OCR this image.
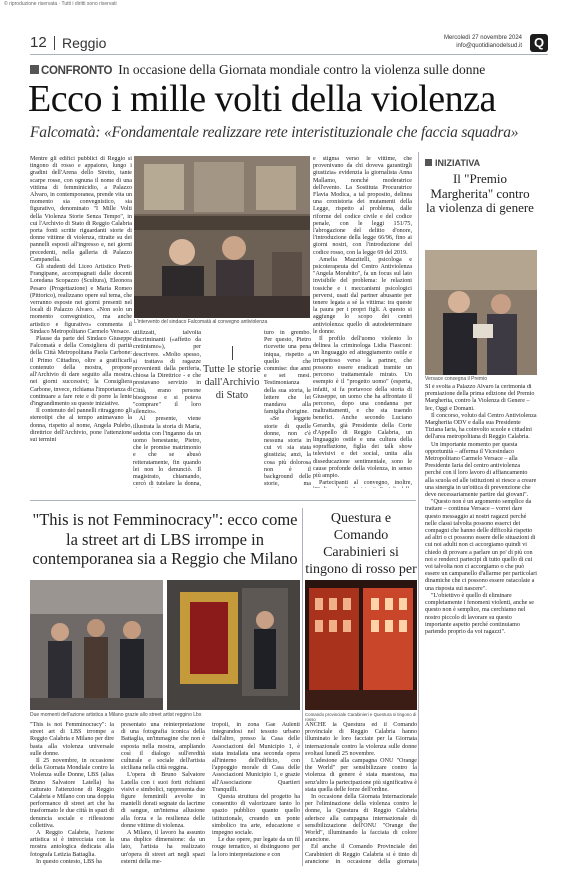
© riproduzione riservata · Tutti i diritti sono riservati
12 Reggio	Mercoledì 27 novembre 2024
info@quotidianodelsud.it Q
CONFRONTO In occasione della Giornata mondiale contro la violenza sulle donne
Ecco i mille volti della violenza
Falcomatà: «Fondamentale realizzare rete interistituzionale che faccia squadra»

Mentre gli edifici pubblici di Reggio si tingono di rosso e appaiono, lungo i gradini dell'Arena dello Stretto, tante scarpe rosse, con ognuna il nome di una vittima di femminicidio, a Palazzo Alvaro, in contemporanea, prende vita un momento sia convegnistico, sia figurativo, denominato "I Mille Volti della Violenza Storie Senza Tempo", in cui l'Archivio di Stato di Reggio Calabria porta fonti scritte riguardanti storie di donne vittime di violenza, ritratte su dei pannelli esposti all'ingresso e, nei giorni precedenti, nella galleria di Palazzo Campanella.

Gli studenti del Liceo Artistico Preti-Frangipane, accompagnati dalle docenti Loredana Scopazzo (Scultura), Eleonora Pesaro (Progettazione) e Maria Romeo (Pittorico), realizzano opere sul tema, che verranno esposte nei giorni presenti nel locali di Palazzo Alvaro. «Non solo un momento convegnistico, ma anche artistico e figurativo» commenta il Sindaco Metropolitano Carmelo Versace.

Plause da parte del Sindaco Giuseppe Falcomatà e della Consigliera di parità della Città Metropolitana Paola Carbone: il Primo Cittadino, oltre a gratificarli contenuto della mostra, propone all'Archivio di dare seguito alla mostra, nei giorni successivi; la Consigliera Carbone, invece, richiama l'importanza di continuare a fare rete e di porre la lente d'ingrandimento su queste iniziative.

Il contenuto del pannelli ritraggono gli stereotipi che al tempo animavano la donna, rispetto al nome, Angela Pulebo, direttrice dell'Archivio, pone l'attenzione sui termini

L'intervento del sindaco Falcomatà al convegno antiviolenza

utilizzati, talvolta discriminanti («affetto da cretinismo»), per descrivere. «Molto spesso, si trattava di ragazze provenienti dalla periferia, chiosa la Direttrice - e che prestavano servizio in Città, erano persone bisognose e si poteva "comprare" il loro silenzio».

Al presente, viene illustrata la storia di Maria, sedotta con l'inganno da un uomo benestante, Pietro, che le promise matrimonio e che se abusò reiteratamente, fin quando lei non lo denunciò. Il magistrato, chiamando, cercò di tutelare la donna,

Tutte le storie dall'Archivio di Stato

turo in grembo. Per questo, Pietro ricevette una pena iniqua, rispetto a quello che commise: due anni e sei mesi. Testimonianza della sua storia, le lettere che lei mandava alla famiglia d'origine.

«Se leggete storie di quelle donne, non c'è nessuna storia in cui vi sia stata giustizia; anzi, la cosa più dolorosa non è il background delle storie, ma

e stigma verso le vittime, che provenivano da chi doveva garantirgli giustizia» evidenzia la giornalista Anna Mallamo, nonché moderatrice dell'evento. La Sostituta Procuratrice Flavia Modica, a tal proposito, delinea una cronistoria dei mutamenti della Legge, rispetto al problema, dalle riforme del codice civile e del codice penale, con le leggi 151/75, l'abrogazione del delitto d'onore, l'introduzione della legge 66/96, fino ai giorni nostri, con l'introduzione del codice rosso, con la legge 69 del 2019.

Amelia Mazzitelli, psicologa e psicoterapeuta del Centro Antiviolenza "Angela Morabito", fa un focus sul lato invisibile del problema: le relazioni tossiche e i meccanismi psicologici perversi, usati dal partner abusante per tenere legata a sé la vittima: tra queste la paura per i propri figli. A questo si aggiunge lo scopo dei centri antiviolenza: quello di autodeterminare le donne.

Il profilo dell'uomo violento lo delinea la criminologa Lidia Fiasconi: un linguaggio ed atteggiamento ostile e irrispettoso verso la partner, che possono essere eradicati tramite un percorso trattamentale mirato. Un esempio è il "progetto uomo" (esperta, infatti, si fa portavoce della storia di Giuseppe, un uomo che ha affrontato il percorso, dopo una condanna per maltrattamenti, e che sta traendo benefici. Anche secondo Luciano Gerardis, già Presidente della Corte d'Appello di Reggio Calabria, un linguaggio ostile e una cultura della sopraffazione, figlia dei talk show televisivi e dei social, unita alla disseducazione sentimentale, sono le cause profonde della violenza, in senso più ampio.

Partecipanti al convegno, inoltre,

INIZIATIVA
Il "Premio Margherita" contro la violenza di genere
Versace consegna il Premio

SI è svolta a Palazzo Alvaro la cerimonia di premiazione della prima edizione del Premio Margherita, contro la Violenza di Genere – Iec, Oggi e Domani.

Il concorso, voluto dal Centro Antiviolenza Margherita ODV e dalla sua Presidente Tiziana Iaria, ha coinvolto scuole e cittadini dell'area metropolitana di Reggio Calabria.

Un importante momento per questa opportunità – afferma il Vicesindaco Metropolitano Carmelo Versace – alla Presidente Iaria del centro antiviolenza perché con il loro lavoro di affiancamento alla scuola ed alle istituzioni si riesce a creare una sinergia in un'ottica di prevenzione che deve necessariamente partire dai giovani".

"Questo non è un argomento semplice da trattare – continua Versace – vorrei dare questo messaggio ai nostri ragazzi perché nelle classi talvolta possono esserci dei compagni che hanno delle difficoltà rispetto ad altri o ci possono essere delle situazioni di cui noi adulti non ci accorgiamo quindi vi chiedo di provare a parlare un po' di più con noi e renderci partecipi di tutto quello di cui voi talvolta non ci accorgiamo o che può essere un campanello d'allarme per particolari dinamiche che ci possono essere ostacolate a una risposta sui nascere".

"L'obiettivo è quello di eliminare completamente i fenomeni violenti, anche se questo non è semplice, ma cerchiamo nel nostro piccolo di lavorare su questo importante aspetto perché continuiamo partendo proprio da voi ragazzi".

"This is not Femminocracy": ecco come la street art di LBS irrompe in contemporanea sia a Reggio che Milano
Due momenti dell'azione artistica a Milano grazie allo street artist reggino Lbs

"This is not Femminocracy": la street art di LBS irrompe a Reggio Calabria e Milano per dire basta alla violenza universale sulle donne.

Il 25 novembre, in occasione della Giornata Mondiale contro la Violenza sulle Donne, LBS (alias Bruno Salvatore Latella) ha catturato l'attenzione di Reggio Calabria e Milano con una doppia performance di street art che ha trasformato le due città in spazi di denuncia sociale e riflessione collettiva.

A Reggio Calabria, l'azione artistica si è intrecciata con la mostra antologica dedicata alla fotografa Letizia Battaglia.

In questo contesto, LBS ha

presentato una reinterpretazione di una fotografia iconica della Battaglia, un'immagine che non è esposta nella mostra, ampliando così il dialogo sull'eredità culturale e sociale dell'artista siciliana nella città reggina.

L'opera di Bruno Salvatore Latella con i suoi forti richiami visivi e simbolici, rappresenta due figure femminili avvolte in mantelli dorati segnate da lacrime di sangue, un'intensa allusione alla forza e la resilienza delle donne vittime di violenza.

A Milano, il lavoro ha assunto una duplice dimensione: da un lato, l'artista ha realizzato un'opera di street art negli spazi esterni della me-

tropoli, in zona Gae Aulenti integrandosi nel tessuto urbano dall'altro, presso la Casa delle Associazioni del Municipio 1, è stata installata una seconda opera all'interno dell'edificio, con l'appoggio morale di Casa delle Associazioni Municipio 1, e grazie all'Associazione Quartieri Tranquilli.

Questa struttura del progetto ha consentito di valorizzare tanto lo spazio pubblico quanto quello istituzionale, creando un ponte simbolico tra arte, educazione e impegno sociale.

Le due opere, pur legate da un fil rouge tematico, si distinguono per la loro interpretazione e con

Questura e Comando Carabinieri si tingono di rosso per
Comando provinciale Carabinieri e Questura si tingono di rosso

ANCHE la Questura ed il Comando provinciale di Reggio Calabria hanno illuminato le loro facciate per la Giornata internazionale contro la violenza sulle donne svoltasi lunedì 25 novembre.

L'adesione alla campagna ONU "Orange the World" per sensibilizzare contro la violenza di genere è stata maestosa, ma senz'altro la partecipazione più significativa è stata quella delle forze dell'ordine.

In occasione della Giornata Internazionale per l'eliminazione della violenza contro le donne, la Questura di Reggio Calabria aderisce alla campagna internazionale di sensibilizzazione dell'ONU "Orange the World", illuminando la facciata di colore arancione.

Ed anche il Comando Provinciale dei Carabinieri di Reggio Calabria si è tinto di arancione in occasione della giornata
